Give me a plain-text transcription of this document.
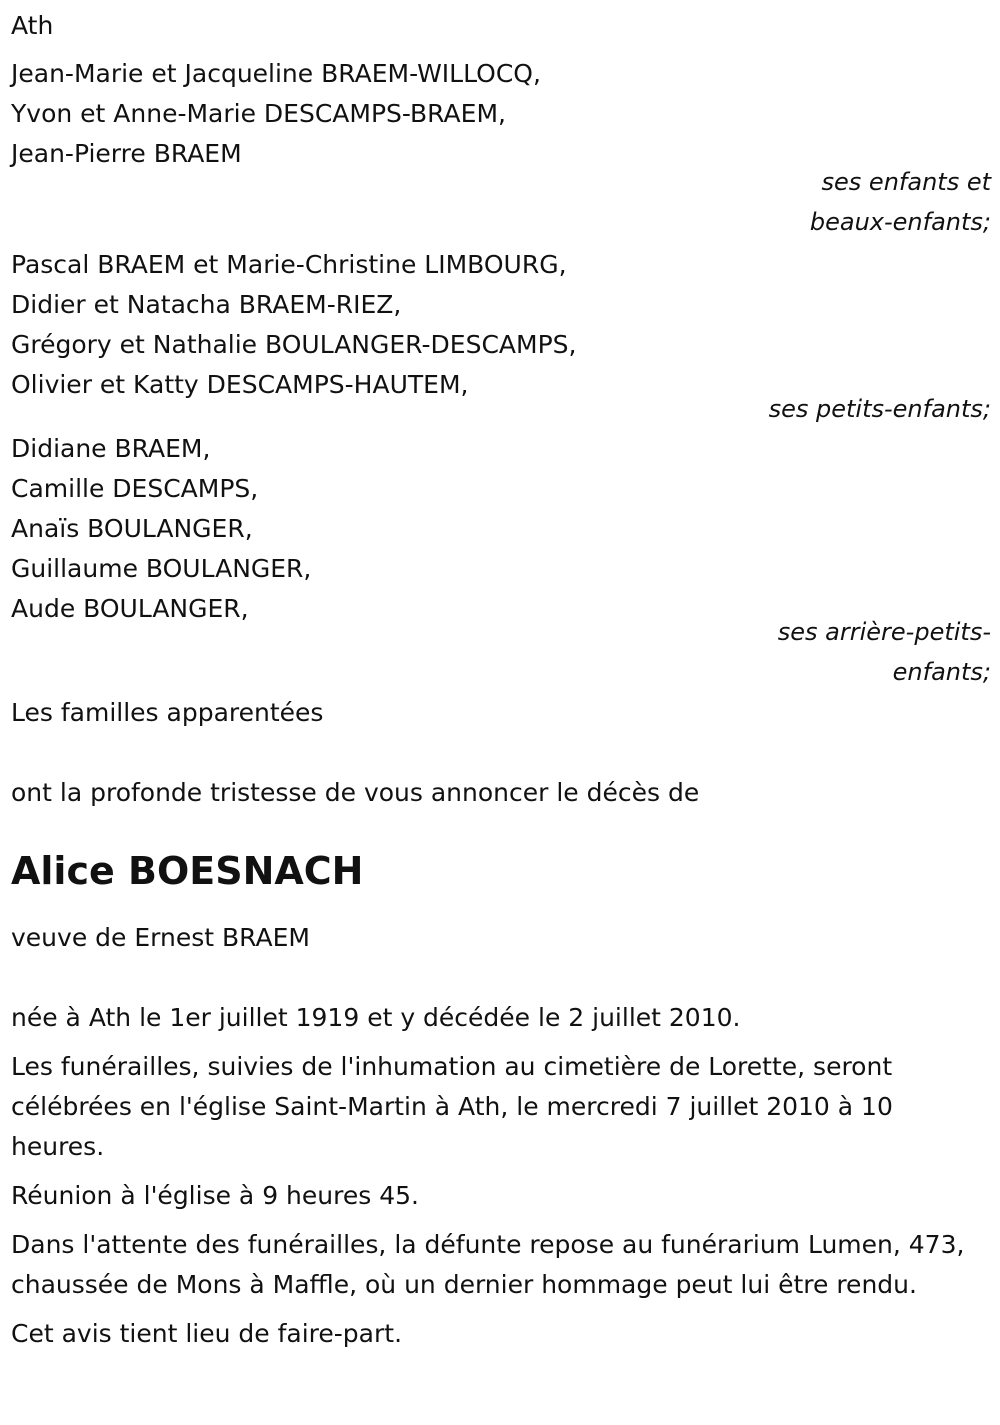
Ath
Jean-Marie et Jacqueline BRAEM-WILLOCQ,
Yvon et Anne-Marie DESCAMPS-BRAEM,
Jean-Pierre BRAEM
ses enfants et
beaux-enfants;
Pascal BRAEM et Marie-Christine LIMBOURG,
Didier et Natacha BRAEM-RIEZ,
Grégory et Nathalie BOULANGER-DESCAMPS,
Olivier et Katty DESCAMPS-HAUTEM,
ses petits-enfants;
Didiane BRAEM,
Camille DESCAMPS,
Anaïs BOULANGER,
Guillaume BOULANGER,
Aude BOULANGER,
ses arrière-petits-
enfants;
Les familles apparentées
ont la profonde tristesse de vous annoncer le décès de
Alice BOESNACH
veuve de Ernest BRAEM
née à Ath le 1er juillet 1919 et y décédée le 2 juillet 2010.
Les funérailles, suivies de l'inhumation au cimetière de Lorette, seront célébrées en l'église Saint-Martin à Ath, le mercredi 7 juillet 2010 à 10 heures.
Réunion à l'église à 9 heures 45.
Dans l'attente des funérailles, la défunte repose au funérarium Lumen, 473, chaussée de Mons à Maffle, où un dernier hommage peut lui être rendu.
Cet avis tient lieu de faire-part.
